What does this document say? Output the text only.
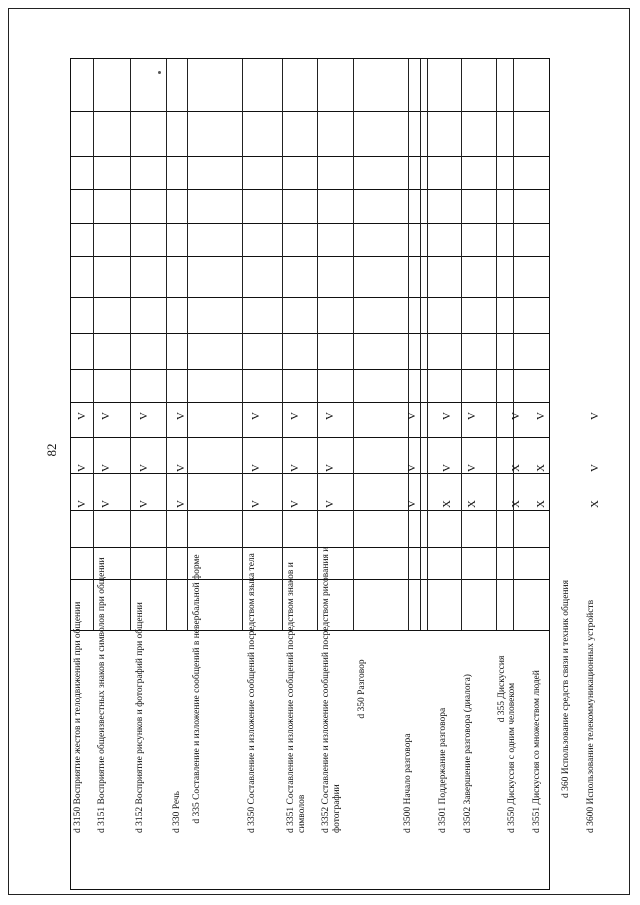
82
d 3150 Восприятие жестов и телодвижений при общении
V
V
V
d 3151 Восприятие общеизвестных знаков и символов при общении
V
V
V
d 3152 Восприятие рисунков и фотографий при общении
V
V
V
d 330 Речь
V
V
V
d 335 Составление и изложение сообщений в невербальной форме	d 3350 Составление и изложение сообщений посредством языка тела
V
V
V
d 3351 Составление и изложение сообщений посредством знаков и символов
V
V
V
d 3352 Составление и изложение сообщений посредством рисования и фотографии
V
V
V
d 350 Разговор
d 3500 Начало разговора
V
V
V
d 3501 Поддержание разговора
X
V
V
d 3502 Завершение разговора (диалога)
X
V
V
d 355 Дискуссия d 3550 Дискуссия с одним человеком
X
X
V
d 3551 Дискуссия со множеством людей
X
X
V
d 360 Использование средств связи и техник общения d 3600 Использование телекоммуникационных устройств
X
V
V
